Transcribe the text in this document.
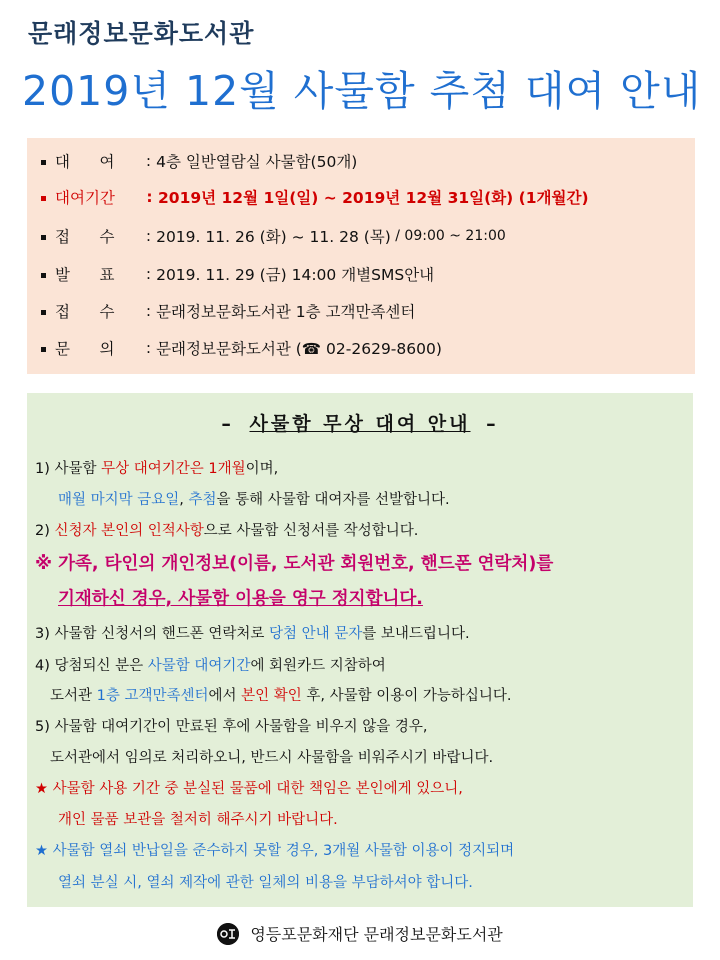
문래정보문화도서관
2019년 12월 사물함 추첨 대여 안내
대      여	: 4층 일반열람실 사물함(50개)
대여기간	: 2019년 12월 1일(일) ~ 2019년 12월 31일(화) (1개월간)
접      수	: 2019. 11. 26 (화) ~ 11. 28 (목) / 09:00 ~ 21:00
발      표	: 2019. 11. 29 (금) 14:00 개별SMS안내
접      수	: 문래정보문화도서관 1층 고객만족센터
문      의	: 문래정보문화도서관 (☎ 02-2629-8600)
– 사물함 무상 대여 안내 –
1) 사물함 무상 대여기간은 1개월이며,
매월 마지막 금요일, 추첨을 통해 사물함 대여자를 선발합니다.
2) 신청자 본인의 인적사항으로 사물함 신청서를 작성합니다.
※ 가족, 타인의 개인정보(이름, 도서관 회원번호, 핸드폰 연락처)를
기재하신 경우, 사물함 이용을 영구 정지합니다.
3) 사물함 신청서의 핸드폰 연락처로 당첨 안내 문자를 보내드립니다.
4) 당첨되신 분은 사물함 대여기간에 회원카드 지참하여
도서관 1층 고객만족센터에서 본인 확인 후, 사물함 이용이 가능하십니다.
5) 사물함 대여기간이 만료된 후에 사물함을 비우지 않을 경우,
도서관에서 임의로 처리하오니, 반드시 사물함을 비워주시기 바랍니다.
★ 사물함 사용 기간 중 분실된 물품에 대한 책임은 본인에게 있으니,
개인 물품 보관을 철저히 해주시기 바랍니다.
★ 사물함 열쇠 반납일을 준수하지 못할 경우, 3개월 사물함 이용이 정지되며
열쇠 분실 시, 열쇠 제작에 관한 일체의 비용을 부담하셔야 합니다.
영등포문화재단 문래정보문화도서관
